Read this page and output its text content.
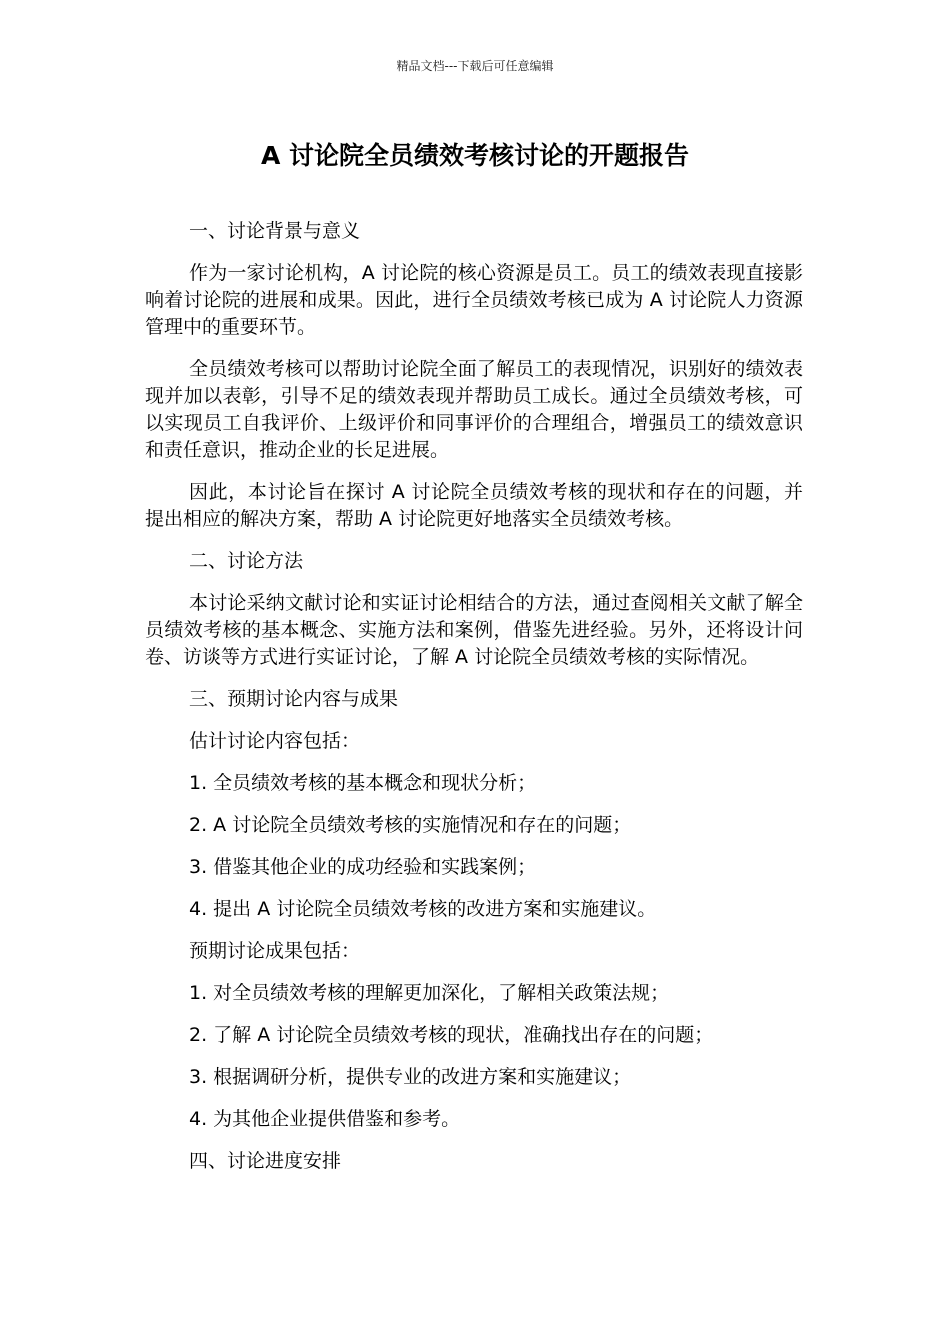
精品文档---下载后可任意编辑
A 讨论院全员绩效考核讨论的开题报告

一、讨论背景与意义

作为一家讨论机构，A 讨论院的核心资源是员工。员工的绩效表现直接影响着讨论院的进展和成果。因此，进行全员绩效考核已成为 A 讨论院人力资源管理中的重要环节。

全员绩效考核可以帮助讨论院全面了解员工的表现情况，识别好的绩效表现并加以表彰，引导不足的绩效表现并帮助员工成长。通过全员绩效考核，可以实现员工自我评价、上级评价和同事评价的合理组合，增强员工的绩效意识和责任意识，推动企业的长足进展。

因此，本讨论旨在探讨 A 讨论院全员绩效考核的现状和存在的问题，并提出相应的解决方案，帮助 A 讨论院更好地落实全员绩效考核。

二、讨论方法

本讨论采纳文献讨论和实证讨论相结合的方法，通过查阅相关文献了解全员绩效考核的基本概念、实施方法和案例，借鉴先进经验。另外，还将设计问卷、访谈等方式进行实证讨论，了解 A 讨论院全员绩效考核的实际情况。

三、预期讨论内容与成果

估计讨论内容包括：

1. 全员绩效考核的基本概念和现状分析；

2. A 讨论院全员绩效考核的实施情况和存在的问题；

3. 借鉴其他企业的成功经验和实践案例；

4. 提出 A 讨论院全员绩效考核的改进方案和实施建议。

预期讨论成果包括：

1. 对全员绩效考核的理解更加深化，了解相关政策法规；

2. 了解 A 讨论院全员绩效考核的现状，准确找出存在的问题；

3. 根据调研分析，提供专业的改进方案和实施建议；

4. 为其他企业提供借鉴和参考。

四、讨论进度安排
